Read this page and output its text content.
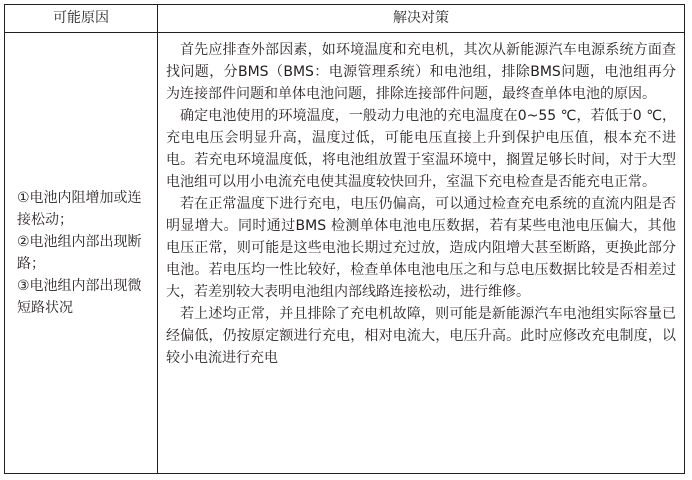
可能原因	解决对策
①电池内阻增加或连接松动；
②电池组内部出现断路；
③电池组内部出现微短路状况

首先应排查外部因素，如环境温度和充电机，其次从新能源汽车电源系统方面查找问题，分BMS（BMS：电源管理系统）和电池组，排除BMS问题，电池组再分为连接部件问题和单体电池问题，排除连接部件问题，最终查单体电池的原因。

确定电池使用的环境温度，一般动力电池的充电温度在0~55 ℃，若低于0 ℃，充电电压会明显升高，温度过低，可能电压直接上升到保护电压值，根本充不进电。若充电环境温度低，将电池组放置于室温环境中，搁置足够长时间，对于大型电池组可以用小电流充电使其温度较快回升，室温下充电检查是否能充电正常。

若在正常温度下进行充电，电压仍偏高，可以通过检查充电系统的直流内阻是否明显增大。同时通过BMS 检测单体电池电压数据，若有某些电池电压偏大，其他电压正常，则可能是这些电池长期过充过放，造成内阻增大甚至断路，更换此部分电池。若电压均一性比较好，检查单体电池电压之和与总电压数据比较是否相差过大，若差别较大表明电池组内部线路连接松动，进行维修。

若上述均正常，并且排除了充电机故障，则可能是新能源汽车电池组实际容量已经偏低，仍按原定额进行充电，相对电流大，电压升高。此时应修改充电制度，以较小电流进行充电
